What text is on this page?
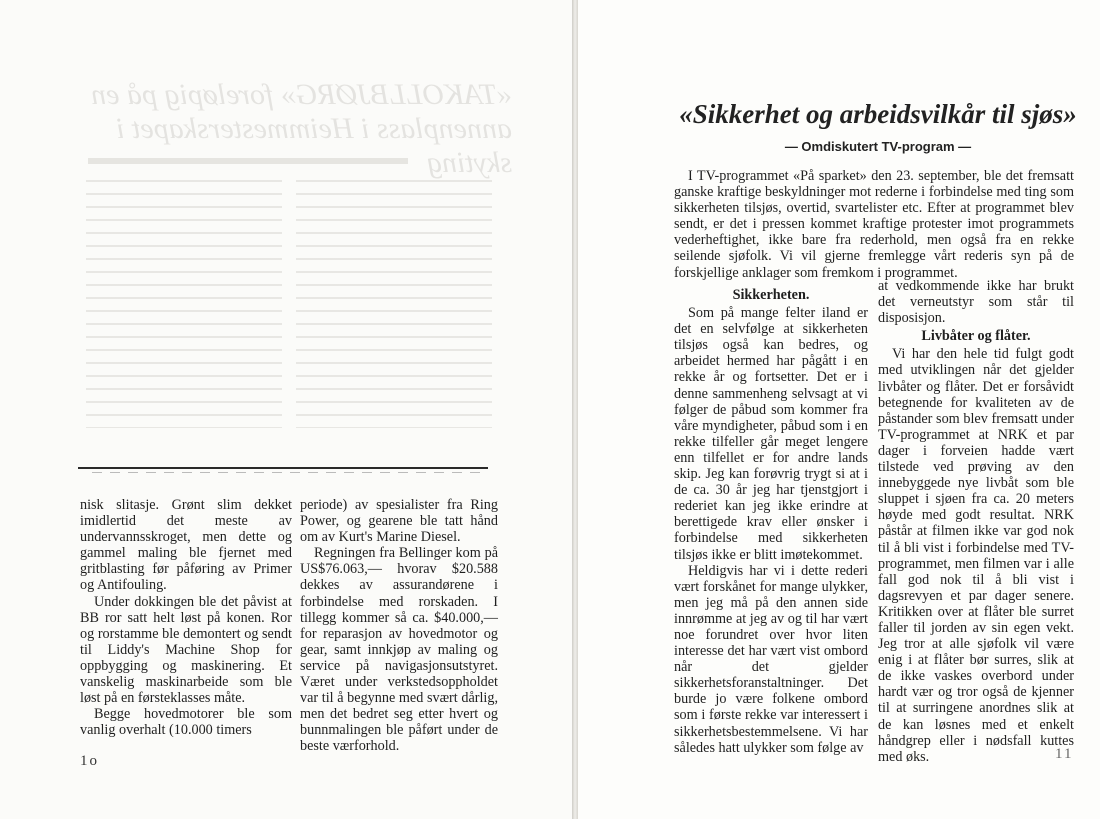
«TAKOLLBJØRG» foreløpig på en annenplass i Heimmesterskapet i skyting

nisk slitasje. Grønt slim dekket imidlertid det meste av undervannsskroget, men dette og gammel maling ble fjernet med gritblasting før påføring av Primer og Antifouling.

Under dokkingen ble det påvist at BB ror satt helt løst på konen. Ror og rorstamme ble demontert og sendt til Liddy's Machine Shop for oppbygging og maskinering. Et vanskelig maskinarbeide som ble løst på en førsteklasses måte.

Begge hovedmotorer ble som vanlig overhalt (10.000 timers

periode) av spesialister fra Ring Power, og gearene ble tatt hånd om av Kurt's Marine Diesel.

Regningen fra Bellinger kom på US$76.063,— hvorav $20.588 dekkes av assurandørene i forbindelse med rorskaden. I tillegg kommer så ca. $40.000,— for reparasjon av hovedmotor og gear, samt innkjøp av maling og service på navigasjonsutstyret. Været under verkstedsoppholdet var til å begynne med svært dårlig, men det bedret seg etter hvert og bunnmalingen ble påført under de beste værforhold.

1o
«Sikkerhet og arbeidsvilkår til sjøs»
— Omdiskutert TV-program —

I TV-programmet «På sparket» den 23. september, ble det fremsatt ganske kraftige beskyldninger mot rederne i forbindelse med ting som sikkerheten tilsjøs, overtid, svartelister etc. Efter at programmet blev sendt, er det i pressen kommet kraftige protester imot programmets vederheftighet, ikke bare fra rederhold, men også fra en rekke seilende sjøfolk. Vi vil gjerne fremlegge vårt rederis syn på de forskjellige anklager som fremkom i programmet.

Sikkerheten.

Som på mange felter iland er det en selvfølge at sikkerheten tilsjøs også kan bedres, og arbeidet hermed har pågått i en rekke år og fortsetter. Det er i denne sammenheng selvsagt at vi følger de påbud som kommer fra våre myndigheter, påbud som i en rekke tilfeller går meget lengere enn tilfellet er for andre lands skip. Jeg kan forøvrig trygt si at i de ca. 30 år jeg har tjenstgjort i rederiet kan jeg ikke erindre at berettigede krav eller ønsker i forbindelse med sikkerheten tilsjøs ikke er blitt imøtekommet.

Heldigvis har vi i dette rederi vært forskånet for mange ulykker, men jeg må på den annen side innrømme at jeg av og til har vært noe forundret over hvor liten interesse det har vært vist ombord når det gjelder sikkerhetsforanstaltninger. Det burde jo være folkene ombord som i første rekke var interessert i sikkerhetsbestemmelsene. Vi har således hatt ulykker som følge av

at vedkommende ikke har brukt det verneutstyr som står til disposisjon.

Livbåter og flåter.

Vi har den hele tid fulgt godt med utviklingen når det gjelder livbåter og flåter. Det er forsåvidt betegnende for kvaliteten av de påstander som blev fremsatt under TV-programmet at NRK et par dager i forveien hadde vært tilstede ved prøving av den innebyggede nye livbåt som ble sluppet i sjøen fra ca. 20 meters høyde med godt resultat. NRK påstår at filmen ikke var god nok til å bli vist i forbindelse med TV-programmet, men filmen var i alle fall god nok til å bli vist i dagsrevyen et par dager senere. Kritikken over at flåter ble surret faller til jorden av sin egen vekt. Jeg tror at alle sjøfolk vil være enig i at flåter bør surres, slik at de ikke vaskes overbord under hardt vær og tror også de kjenner til at surringene anordnes slik at de kan løsnes med et enkelt håndgrep eller i nødsfall kuttes med øks.	11
